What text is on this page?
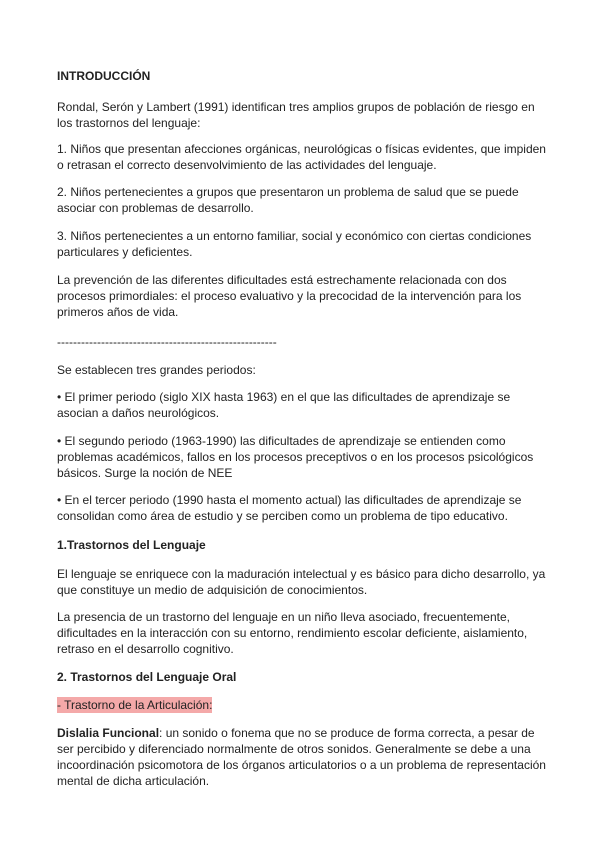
INTRODUCCIÓN

Rondal, Serón y Lambert (1991) identifican tres amplios grupos de población de riesgo en los trastornos del lenguaje:

1. Niños que presentan afecciones orgánicas, neurológicas o físicas evidentes, que impiden o retrasan el correcto desenvolvimiento de las actividades del lenguaje.

2. Niños pertenecientes a grupos que presentaron un problema de salud que se puede asociar con problemas de desarrollo.

3. Niños pertenecientes a un entorno familiar, social y económico con ciertas condiciones particulares y deficientes.

La prevención de las diferentes dificultades está estrechamente relacionada con dos procesos primordiales: el proceso evaluativo y la precocidad de la intervención para los primeros años de vida.

-------------------------------------------------------

Se establecen tres grandes periodos:

• El primer periodo (siglo XIX hasta 1963) en el que las dificultades de aprendizaje se asocian a daños neurológicos.

• El segundo periodo (1963-1990) las dificultades de aprendizaje se entienden como problemas académicos, fallos en los procesos preceptivos o en los procesos psicológicos básicos. Surge la noción de NEE

• En el tercer periodo (1990 hasta el momento actual) las dificultades de aprendizaje se consolidan como área de estudio y se perciben como un problema de tipo educativo.

1.Trastornos del Lenguaje

El lenguaje se enriquece con la maduración intelectual y es básico para dicho desarrollo, ya que constituye un medio de adquisición de conocimientos.

La presencia de un trastorno del lenguaje en un niño lleva asociado, frecuentemente, dificultades en la interacción con su entorno, rendimiento escolar deficiente, aislamiento, retraso en el desarrollo cognitivo.

2. Trastornos del Lenguaje Oral

- Trastorno de la Articulación:

Dislalia Funcional: un sonido o fonema que no se produce de forma correcta, a pesar de ser percibido y diferenciado normalmente de otros sonidos. Generalmente se debe a una incoordinación psicomotora de los órganos articulatorios o a un problema de representación mental de dicha articulación.
